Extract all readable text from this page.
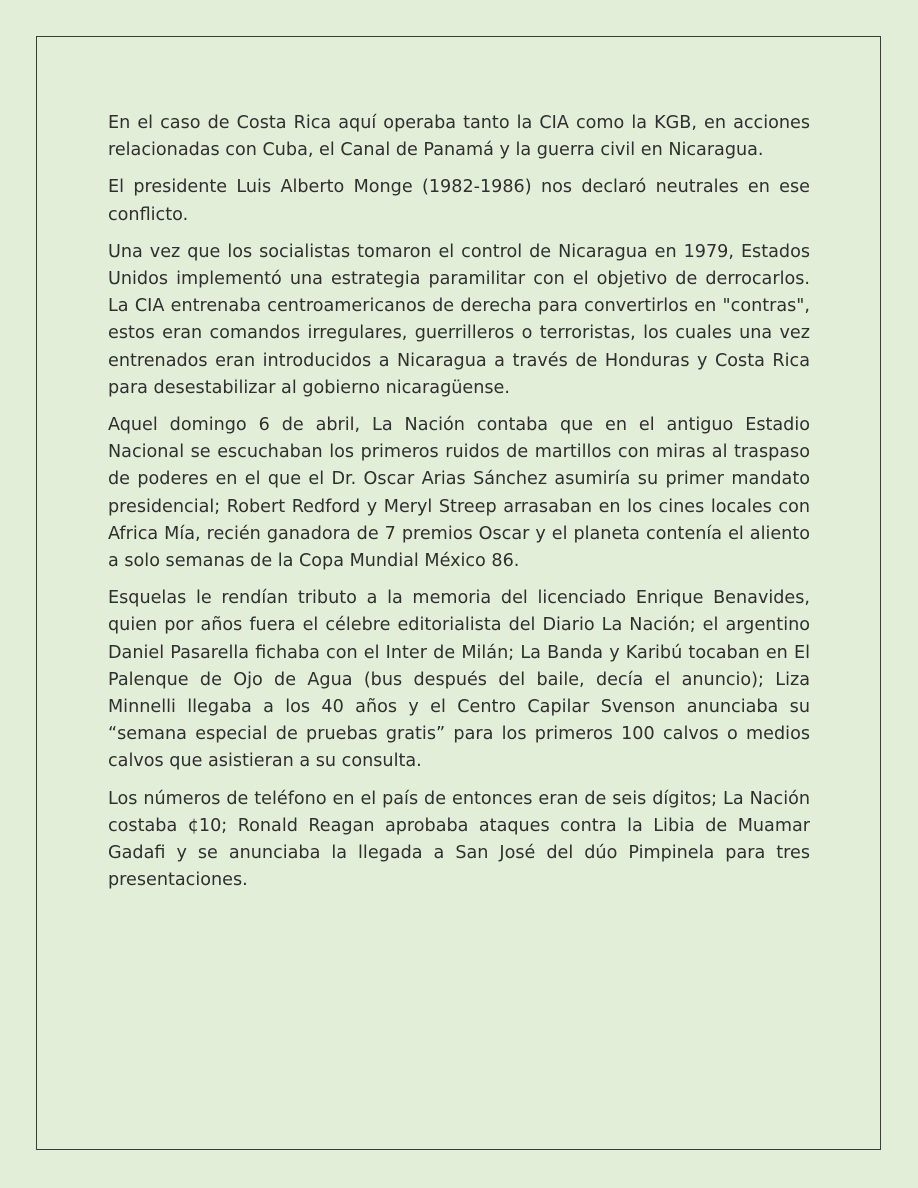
En el caso de Costa Rica aquí operaba tanto la CIA como la KGB, en acciones relacionadas con Cuba, el Canal de Panamá y la guerra civil en Nicaragua.

El presidente Luis Alberto Monge (1982-1986) nos declaró neutrales en ese conflicto.

Una vez que los socialistas tomaron el control de Nicaragua en 1979, Estados Unidos implementó una estrategia paramilitar con el objetivo de derrocarlos. La CIA entrenaba centroamericanos de derecha para convertirlos en "contras", estos eran comandos irregulares, guerrilleros o terroristas, los cuales una vez entrenados eran introducidos a Nicaragua a través de Honduras y Costa Rica para desestabilizar al gobierno nicaragüense.

Aquel domingo 6 de abril, La Nación contaba que en el antiguo Estadio Nacional se escuchaban los primeros ruidos de martillos con miras al traspaso de poderes en el que el Dr. Oscar Arias Sánchez asumiría su primer mandato presidencial; Robert Redford y Meryl Streep arrasaban en los cines locales con Africa Mía, recién ganadora de 7 premios Oscar y el planeta contenía el aliento a solo semanas de la Copa Mundial México 86.

Esquelas le rendían tributo a la memoria del licenciado Enrique Benavides, quien por años fuera el célebre editorialista del Diario La Nación; el argentino Daniel Pasarella fichaba con el Inter de Milán; La Banda y Karibú tocaban en El Palenque de Ojo de Agua (bus después del baile, decía el anuncio); Liza Minnelli llegaba a los 40 años y el Centro Capilar Svenson anunciaba su “semana especial de pruebas gratis” para los primeros 100 calvos o medios calvos que asistieran a su consulta.

Los números de teléfono en el país de entonces eran de seis dígitos; La Nación costaba ¢10; Ronald Reagan aprobaba ataques contra la Libia de Muamar Gadafi y se anunciaba la llegada a San José del dúo Pimpinela para tres presentaciones.
